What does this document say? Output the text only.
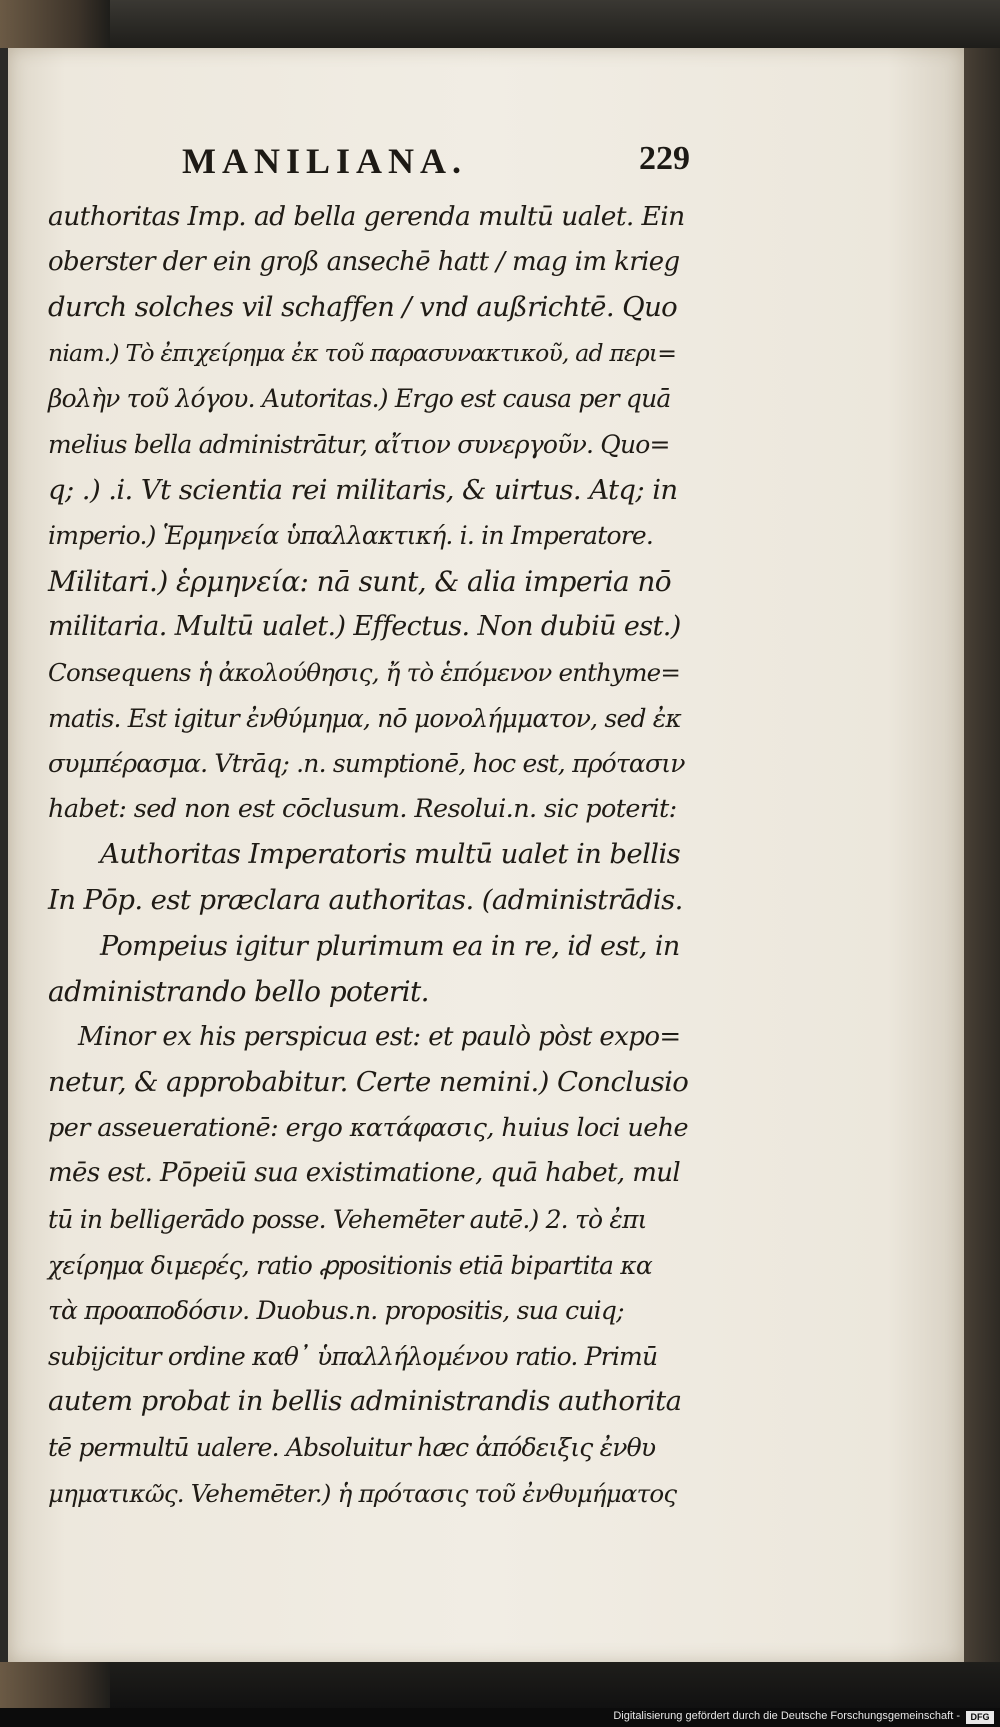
MANILIANA.	229
authoritas Imp. ad bella gerenda multū ualet. Ein
oberster der ein groß ansechē hatt / mag im krieg
durch solches vil schaffen / vnd außrichtē. Quo
niam.) Τὸ ἐπιχείρημα ἐκ τοῦ παρασυνακτικοῦ, ad περι=
βολὴν τοῦ λόγου. Autoritas.) Ergo est causa per quā
melius bella administrātur, αἴτιον συνεργοῦν. Quo=
q; .) .i. Vt scientia rei militaris, & uirtus. Atq; in
imperio.) Ἑρμηνεία ὑπαλλακτική. i. in Imperatore.
Militari.) ἑρμηνεία: nā sunt, & alia imperia nō
militaria. Multū ualet.) Effectus. Non dubiū est.)
Consequens ἡ ἀκολούθησις, ἤ τὸ ἑπόμενον enthyme=
matis. Est igitur ἐνθύμημα, nō μονολήμματον, sed ἐκ
συμπέρασμα. Vtrāq; .n. sumptionē, hoc est, πρότασιν
habet: sed non est cōclusum. Resolui.n. sic poterit:
Authoritas Imperatoris multū ualet in bellis
In Pōp. est præclara authoritas. (administrādis.
Pompeius igitur plurimum ea in re, id est, in
administrando bello poterit.
Minor ex his perspicua est: et paulò pòst expo=
netur, & approbabitur. Certe nemini.) Conclusio
per asseuerationē: ergo κατάφασις, huius loci uehe
mēs est. Pōpeiū sua existimatione, quā habet, mul
tū in belligerādo posse. Vehemēter autē.) 2. τὸ ἐπι
χείρημα διμερές, ratio ꝓpositionis etiā bipartita κα
τὰ προαποδόσιν. Duobus.n. propositis, sua cuiq;
subijcitur ordine καθ᾽ ὑπαλλήλομένου ratio. Primū
autem probat in bellis administrandis authorita
tē permultū ualere. Absoluitur hæc ἀπόδειξις ἐνθυ
μηματικῶς. Vehemēter.) ἡ πρότασις τοῦ ἐνθυμήματος
Digitalisierung gefördert durch die Deutsche Forschungsgemeinschaft -	DFG
